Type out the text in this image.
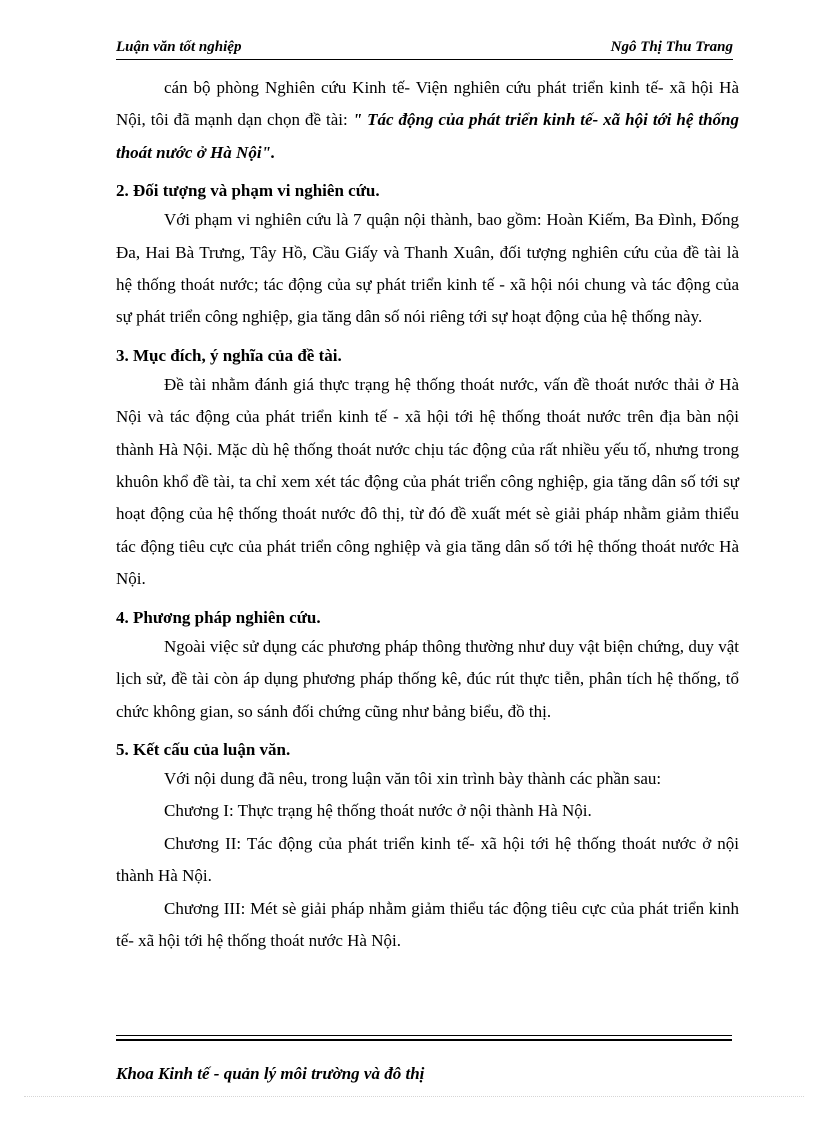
Luận văn tốt nghiệp	Ngô Thị Thu Trang

cán bộ phòng Nghiên cứu Kinh tế- Viện nghiên cứu phát triển kinh tế- xã hội Hà Nội, tôi đã mạnh dạn chọn đề tài: " Tác động của phát triển kinh tế- xã hội tới hệ thống thoát nước ở Hà Nội".

2. Đối tượng và phạm vi nghiên cứu.

Với phạm vi nghiên cứu là 7 quận nội thành, bao gồm: Hoàn Kiếm, Ba Đình, Đống Đa, Hai Bà Trưng, Tây Hồ, Cầu Giấy và Thanh Xuân, đối tượng nghiên cứu của đề tài là hệ thống thoát nước; tác động của sự phát triển kinh tế - xã hội nói chung và tác động của sự phát triển công nghiệp, gia tăng dân số nói riêng tới sự hoạt động của hệ thống này.

3. Mục đích, ý nghĩa của đề tài.

Đề tài nhằm đánh giá thực trạng hệ thống thoát nước, vấn đề thoát nước thải ở Hà Nội và tác động của phát triển kinh tế - xã hội tới hệ thống thoát nước trên địa bàn nội thành Hà Nội. Mặc dù hệ thống thoát nước chịu tác động của rất nhiều yếu tố, nhưng trong khuôn khổ đề tài, ta chỉ xem xét tác động của phát triển công nghiệp, gia tăng dân số tới sự hoạt động của hệ thống thoát nước đô thị, từ đó đề xuất mét sè giải pháp nhằm giảm thiểu tác động tiêu cực của phát triển công nghiệp và gia tăng dân số tới hệ thống thoát nước Hà Nội.

4. Phương pháp nghiên cứu.

Ngoài việc sử dụng các phương pháp thông thường như duy vật biện chứng, duy vật lịch sử, đề tài còn áp dụng phương pháp thống kê, đúc rút thực tiễn, phân tích hệ thống, tổ chức không gian, so sánh đối chứng cũng như bảng biểu, đồ thị.

5. Kết cấu của luận văn.

Với nội dung đã nêu, trong luận văn tôi xin trình bày thành các phần sau:

Chương I: Thực trạng hệ thống thoát nước ở nội thành Hà Nội.

Chương II: Tác động của phát triển kinh tế- xã hội tới hệ thống thoát nước ở nội thành Hà Nội.

Chương III: Mét sè giải pháp nhằm giảm thiểu tác động tiêu cực của phát triển kinh tế- xã hội tới hệ thống thoát nước Hà Nội.

Khoa Kinh tế - quản lý môi trường và đô thị
